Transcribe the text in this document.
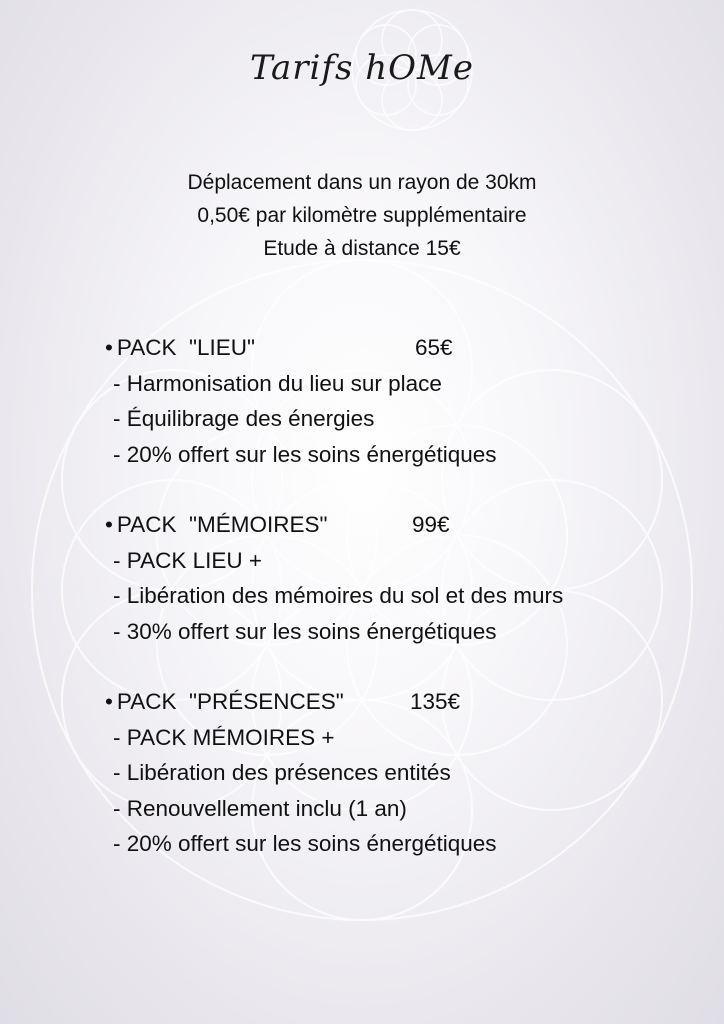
Tarifs hOMe
Déplacement dans un rayon de 30km
0,50€ par kilomètre supplémentaire
Etude à distance 15€
• PACK  "LIEU"	65€
- Harmonisation du lieu sur place
- Équilibrage des énergies
- 20% offert sur les soins énergétiques
• PACK  "MÉMOIRES"	99€
- PACK LIEU +
- Libération des mémoires du sol et des murs
- 30% offert sur les soins énergétiques
• PACK  "PRÉSENCES"	135€
- PACK MÉMOIRES +
- Libération des présences entités
- Renouvellement inclu (1 an)
- 20% offert sur les soins énergétiques
